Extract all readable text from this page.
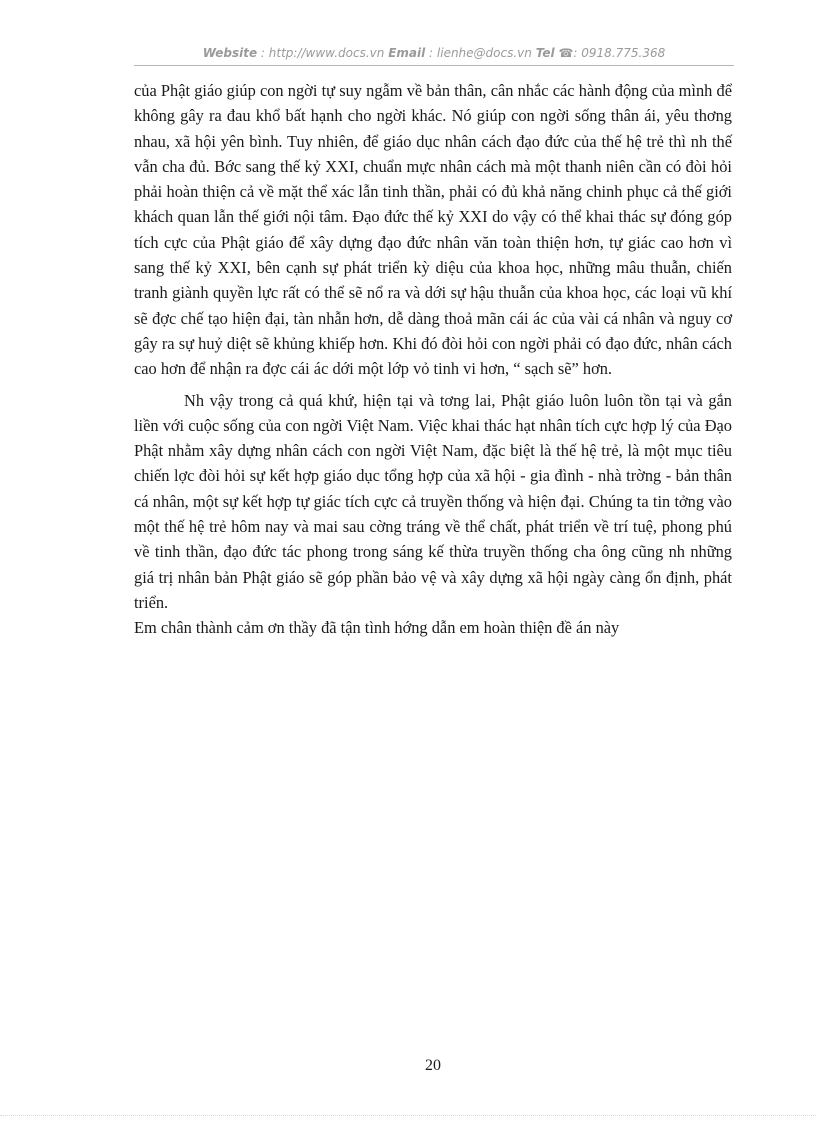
Website : http://www.docs.vn Email : lienhe@docs.vn Tel ☎: 0918.775.368

của Phật giáo giúp con ngời tự suy ngẫm về bản thân, cân nhắc các hành động của mình để không gây ra đau khổ bất hạnh cho ngời khác. Nó giúp con ngời sống thân ái, yêu thơng nhau, xã hội yên bình. Tuy nhiên, để giáo dục nhân cách đạo đức của thế hệ trẻ thì nh thế vẫn cha đủ. Bớc sang thế kỷ XXI, chuẩn mực nhân cách mà một thanh niên cần có đòi hỏi phải hoàn thiện cả về mặt thể xác lẫn tinh thần, phải có đủ khả năng chinh phục cả thế giới khách quan lẫn thế giới nội tâm. Đạo đức thế kỷ XXI do vậy có thể khai thác sự đóng góp tích cực của Phật giáo để xây dựng đạo đức nhân văn toàn thiện hơn, tự giác cao hơn vì sang thế kỷ XXI, bên cạnh sự phát triển kỳ diệu của khoa học, những mâu thuẫn, chiến tranh giành quyền lực rất có thể sẽ nổ ra và dới sự hậu thuẫn của khoa học, các loại vũ khí sẽ đợc chế tạo hiện đại, tàn nhẫn hơn, dễ dàng thoả mãn cái ác của vài cá nhân và nguy cơ gây ra sự huỷ diệt sẽ khủng khiếp hơn. Khi đó đòi hỏi con ngời phải có đạo đức, nhân cách cao hơn để nhận ra đợc cái ác dới một lớp vỏ tinh vi hơn, “ sạch sẽ” hơn.

Nh vậy trong cả quá khứ, hiện tại và tơng lai, Phật giáo luôn luôn tồn tại và gắn liền với cuộc sống của con ngời Việt Nam. Việc khai thác hạt nhân tích cực hợp lý của Đạo Phật nhằm xây dựng nhân cách con ngời Việt Nam, đặc biệt là thế hệ trẻ, là một mục tiêu chiến lợc đòi hỏi sự kết hợp giáo dục tổng hợp của xã hội - gia đình - nhà trờng - bản thân cá nhân, một sự kết hợp tự giác tích cực cả truyền thống và hiện đại. Chúng ta tin tởng vào một thế hệ trẻ hôm nay và mai sau cờng tráng về thể chất, phát triển về trí tuệ, phong phú về tinh thần, đạo đức tác phong trong sáng kế thừa truyền thống cha ông cũng nh những giá trị nhân bản Phật giáo sẽ góp phần bảo vệ và xây dựng xã hội ngày càng ổn định, phát triển.

Em chân thành cảm ơn thầy đã tận tình hớng dẫn em hoàn thiện đề án này

20
